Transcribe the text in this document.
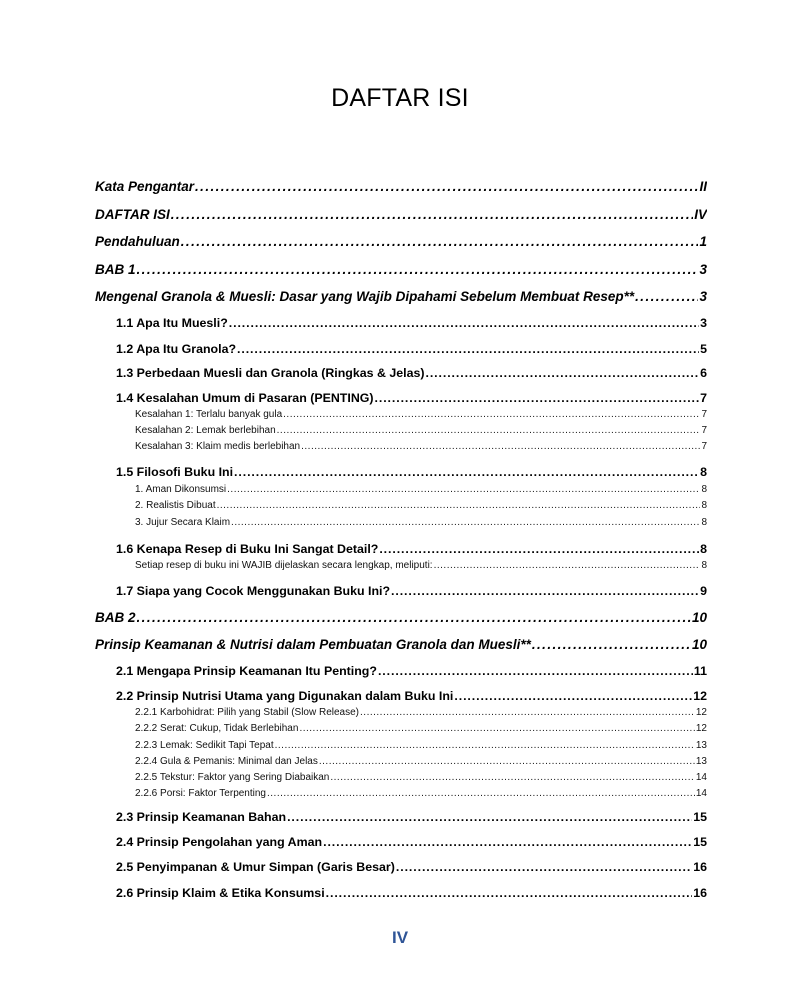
DAFTAR ISI
Kata Pengantar .....	II
DAFTAR ISI .....	IV
Pendahuluan .....	1
BAB 1 .....	3
Mengenal Granola & Muesli: Dasar yang Wajib Dipahami Sebelum Membuat Resep** .....	3
1.1 Apa Itu Muesli? .....	3
1.2 Apa Itu Granola? .....	5
1.3 Perbedaan Muesli dan Granola (Ringkas & Jelas) .....	6
1.4 Kesalahan Umum di Pasaran (PENTING) .....	7
Kesalahan 1: Terlalu banyak gula .....	7
Kesalahan 2: Lemak berlebihan .....	7
Kesalahan 3: Klaim medis berlebihan .....	7
1.5 Filosofi Buku Ini .....	8
1. Aman Dikonsumsi .....	8
2. Realistis Dibuat .....	8
3. Jujur Secara Klaim .....	8
1.6 Kenapa Resep di Buku Ini Sangat Detail? .....	8
Setiap resep di buku ini WAJIB dijelaskan secara lengkap, meliputi: .....	8
1.7 Siapa yang Cocok Menggunakan Buku Ini? .....	9
BAB 2 .....	10
Prinsip Keamanan & Nutrisi dalam Pembuatan Granola dan Muesli** .....	10
2.1 Mengapa Prinsip Keamanan Itu Penting? .....	11
2.2 Prinsip Nutrisi Utama yang Digunakan dalam Buku Ini .....	12
2.2.1 Karbohidrat: Pilih yang Stabil (Slow Release) .....	12
2.2.2 Serat: Cukup, Tidak Berlebihan .....	12
2.2.3 Lemak: Sedikit Tapi Tepat .....	13
2.2.4 Gula & Pemanis: Minimal dan Jelas .....	13
2.2.5 Tekstur: Faktor yang Sering Diabaikan .....	14
2.2.6 Porsi: Faktor Terpenting .....	14
2.3 Prinsip Keamanan Bahan .....	15
2.4 Prinsip Pengolahan yang Aman .....	15
2.5 Penyimpanan & Umur Simpan (Garis Besar) .....	16
2.6 Prinsip Klaim & Etika Konsumsi .....	16
IV
